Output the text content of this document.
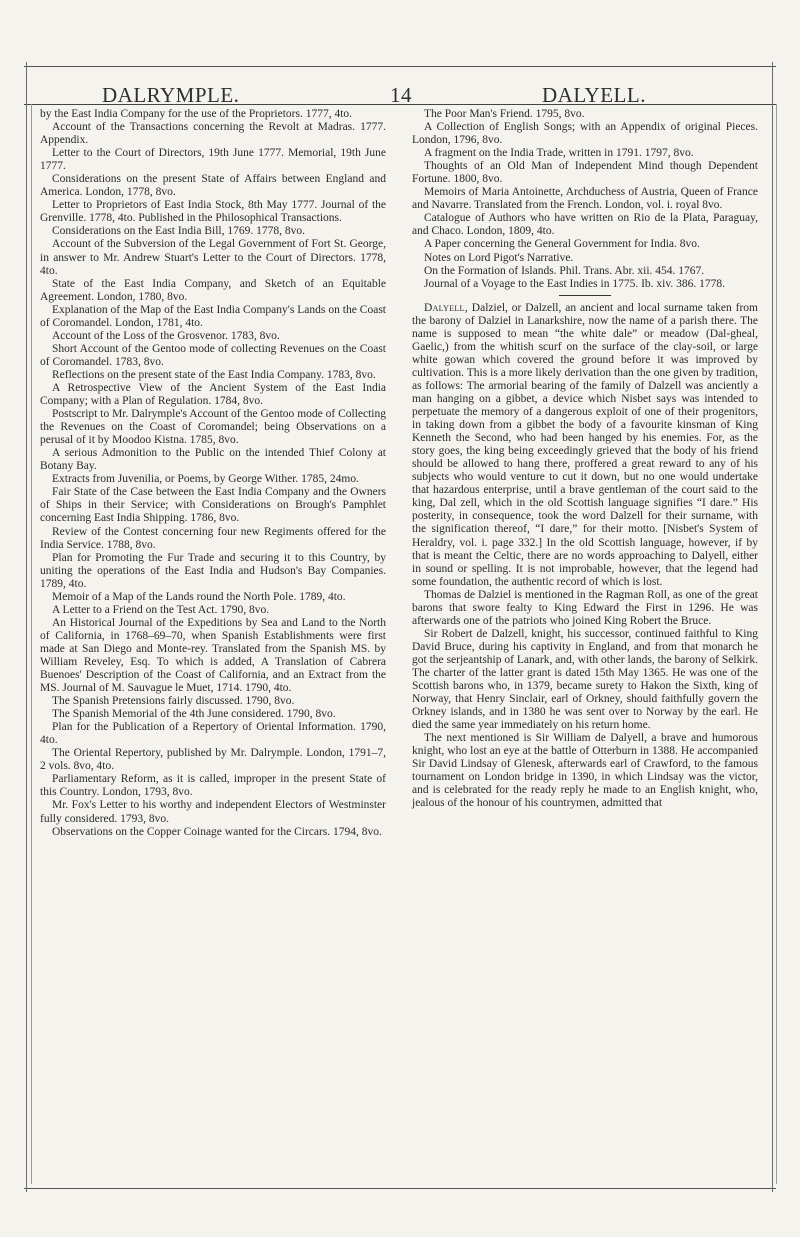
DALRYMPLE.	14	DALYELL.

by the East India Company for the use of the Proprietors. 1777, 4to.

Account of the Transactions concerning the Revolt at Madras. 1777. Appendix.

Letter to the Court of Directors, 19th June 1777. Memorial, 19th June 1777.

Considerations on the present State of Affairs between England and America. London, 1778, 8vo.

Letter to Proprietors of East India Stock, 8th May 1777. Journal of the Grenville. 1778, 4to. Published in the Philosophical Transactions.

Considerations on the East India Bill, 1769. 1778, 8vo.

Account of the Subversion of the Legal Government of Fort St. George, in answer to Mr. Andrew Stuart's Letter to the Court of Directors. 1778, 4to.

State of the East India Company, and Sketch of an Equitable Agreement. London, 1780, 8vo.

Explanation of the Map of the East India Company's Lands on the Coast of Coromandel. London, 1781, 4to.

Account of the Loss of the Grosvenor. 1783, 8vo.

Short Account of the Gentoo mode of collecting Revenues on the Coast of Coromandel. 1783, 8vo.

Reflections on the present state of the East India Company. 1783, 8vo.

A Retrospective View of the Ancient System of the East India Company; with a Plan of Regulation. 1784, 8vo.

Postscript to Mr. Dalrymple's Account of the Gentoo mode of Collecting the Revenues on the Coast of Coromandel; being Observations on a perusal of it by Moodoo Kistna. 1785, 8vo.

A serious Admonition to the Public on the intended Thief Colony at Botany Bay.

Extracts from Juvenilia, or Poems, by George Wither. 1785, 24mo.

Fair State of the Case between the East India Company and the Owners of Ships in their Service; with Considerations on Brough's Pamphlet concerning East India Shipping. 1786, 8vo.

Review of the Contest concerning four new Regiments offered for the India Service. 1788, 8vo.

Plan for Promoting the Fur Trade and securing it to this Country, by uniting the operations of the East India and Hudson's Bay Companies. 1789, 4to.

Memoir of a Map of the Lands round the North Pole. 1789, 4to.

A Letter to a Friend on the Test Act. 1790, 8vo.

An Historical Journal of the Expeditions by Sea and Land to the North of California, in 1768–69–70, when Spanish Establishments were first made at San Diego and Monte-rey. Translated from the Spanish MS. by William Reveley, Esq. To which is added, A Translation of Cabrera Buenoes' Description of the Coast of California, and an Extract from the MS. Journal of M. Sauvague le Muet, 1714. 1790, 4to.

The Spanish Pretensions fairly discussed. 1790, 8vo.

The Spanish Memorial of the 4th June considered. 1790, 8vo.

Plan for the Publication of a Repertory of Oriental Information. 1790, 4to.

The Oriental Repertory, published by Mr. Dalrymple. London, 1791–7, 2 vols. 8vo, 4to.

Parliamentary Reform, as it is called, improper in the present State of this Country. London, 1793, 8vo.

Mr. Fox's Letter to his worthy and independent Electors of Westminster fully considered. 1793, 8vo.

Observations on the Copper Coinage wanted for the Circars. 1794, 8vo.

The Poor Man's Friend. 1795, 8vo.

A Collection of English Songs; with an Appendix of original Pieces. London, 1796, 8vo.

A fragment on the India Trade, written in 1791. 1797, 8vo.

Thoughts of an Old Man of Independent Mind though Dependent Fortune. 1800, 8vo.

Memoirs of Maria Antoinette, Archduchess of Austria, Queen of France and Navarre. Translated from the French. London, vol. i. royal 8vo.

Catalogue of Authors who have written on Rio de la Plata, Paraguay, and Chaco. London, 1809, 4to.

A Paper concerning the General Government for India. 8vo.

Notes on Lord Pigot's Narrative.

On the Formation of Islands. Phil. Trans. Abr. xii. 454. 1767.

Journal of a Voyage to the East Indies in 1775. Ib. xiv. 386. 1778.

Dalyell, Dalziel, or Dalzell, an ancient and local surname taken from the barony of Dalziel in Lanarkshire, now the name of a parish there. The name is supposed to mean “the white dale” or meadow (Dal-gheal, Gaelic,) from the whitish scurf on the surface of the clay-soil, or large white gowan which covered the ground before it was improved by cultivation. This is a more likely derivation than the one given by tradition, as follows: The armorial bearing of the family of Dalzell was anciently a man hanging on a gibbet, a device which Nisbet says was intended to perpetuate the memory of a dangerous exploit of one of their progenitors, in taking down from a gibbet the body of a favourite kinsman of King Kenneth the Second, who had been hanged by his enemies. For, as the story goes, the king being exceedingly grieved that the body of his friend should be allowed to hang there, proffered a great reward to any of his subjects who would venture to cut it down, but no one would undertake that hazardous enterprise, until a brave gentleman of the court said to the king, Dal zell, which in the old Scottish language signifies “I dare.” His posterity, in consequence, took the word Dalzell for their surname, with the signification thereof, “I dare,” for their motto. [Nisbet's System of Heraldry, vol. i. page 332.] In the old Scottish language, however, if by that is meant the Celtic, there are no words approaching to Dalyell, either in sound or spelling. It is not improbable, however, that the legend had some foundation, the authentic record of which is lost.

Thomas de Dalziel is mentioned in the Ragman Roll, as one of the great barons that swore fealty to King Edward the First in 1296. He was afterwards one of the patriots who joined King Robert the Bruce.

Sir Robert de Dalzell, knight, his successor, continued faithful to King David Bruce, during his captivity in England, and from that monarch he got the serjeantship of Lanark, and, with other lands, the barony of Selkirk. The charter of the latter grant is dated 15th May 1365. He was one of the Scottish barons who, in 1379, became surety to Hakon the Sixth, king of Norway, that Henry Sinclair, earl of Orkney, should faithfully govern the Orkney islands, and in 1380 he was sent over to Norway by the earl. He died the same year immediately on his return home.

The next mentioned is Sir William de Dalyell, a brave and humorous knight, who lost an eye at the battle of Otterburn in 1388. He accompanied Sir David Lindsay of Glenesk, afterwards earl of Crawford, to the famous tournament on London bridge in 1390, in which Lindsay was the victor, and is celebrated for the ready reply he made to an English knight, who, jealous of the honour of his countrymen, admitted that
